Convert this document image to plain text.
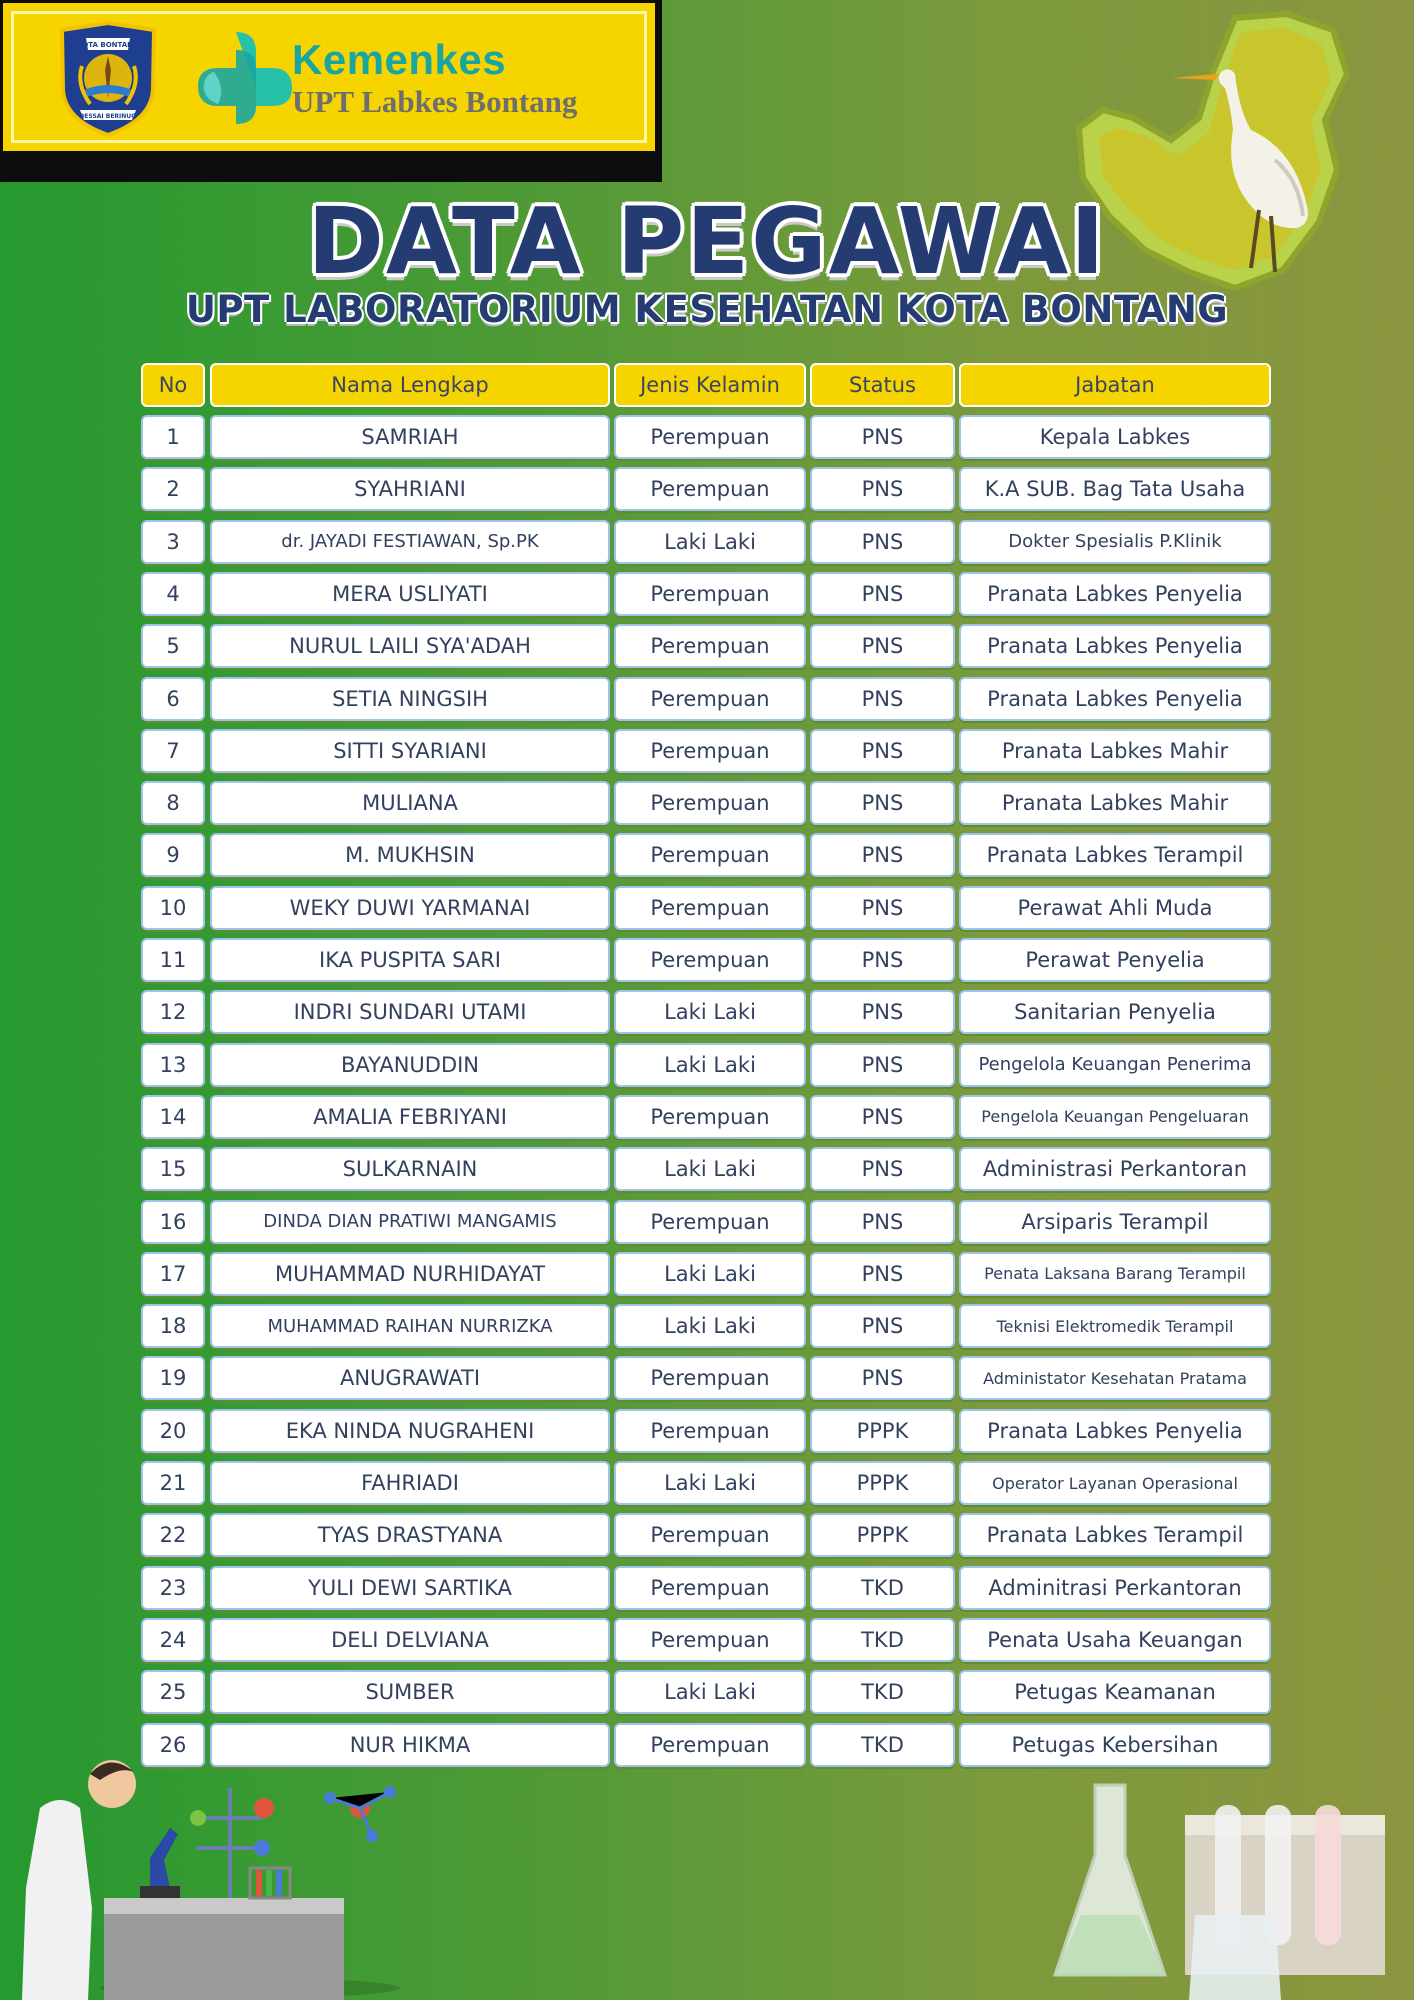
KOTA BONTANG
BESSAI BERINUQ
Kemenkes
UPT Labkes Bontang
DATA PEGAWAI
UPT LABORATORIUM KESEHATAN KOTA BONTANG
No	Nama Lengkap	Jenis Kelamin	Status	Jabatan
1	SAMRIAH	Perempuan	PNS	Kepala Labkes
2	SYAHRIANI	Perempuan	PNS	K.A SUB. Bag Tata Usaha
3	dr. JAYADI FESTIAWAN, Sp.PK	Laki Laki	PNS	Dokter Spesialis P.Klinik
4	MERA USLIYATI	Perempuan	PNS	Pranata Labkes Penyelia
5	NURUL LAILI SYA'ADAH	Perempuan	PNS	Pranata Labkes Penyelia
6	SETIA NINGSIH	Perempuan	PNS	Pranata Labkes Penyelia
7	SITTI SYARIANI	Perempuan	PNS	Pranata Labkes Mahir
8	MULIANA	Perempuan	PNS	Pranata Labkes Mahir
9	M. MUKHSIN	Perempuan	PNS	Pranata Labkes Terampil
10	WEKY DUWI YARMANAI	Perempuan	PNS	Perawat Ahli Muda
11	IKA PUSPITA SARI	Perempuan	PNS	Perawat Penyelia
12	INDRI SUNDARI UTAMI	Laki Laki	PNS	Sanitarian Penyelia
13	BAYANUDDIN	Laki Laki	PNS	Pengelola Keuangan Penerima
14	AMALIA FEBRIYANI	Perempuan	PNS	Pengelola Keuangan Pengeluaran
15	SULKARNAIN	Laki Laki	PNS	Administrasi Perkantoran
16	DINDA DIAN PRATIWI MANGAMIS	Perempuan	PNS	Arsiparis Terampil
17	MUHAMMAD NURHIDAYAT	Laki Laki	PNS	Penata Laksana Barang Terampil
18	MUHAMMAD RAIHAN NURRIZKA	Laki Laki	PNS	Teknisi Elektromedik Terampil
19	ANUGRAWATI	Perempuan	PNS	Administator Kesehatan Pratama
20	EKA NINDA NUGRAHENI	Perempuan	PPPK	Pranata Labkes Penyelia
21	FAHRIADI	Laki Laki	PPPK	Operator Layanan Operasional
22	TYAS DRASTYANA	Perempuan	PPPK	Pranata Labkes Terampil
23	YULI DEWI SARTIKA	Perempuan	TKD	Adminitrasi Perkantoran
24	DELI DELVIANA	Perempuan	TKD	Penata Usaha Keuangan
25	SUMBER	Laki Laki	TKD	Petugas Keamanan
26	NUR HIKMA	Perempuan	TKD	Petugas Kebersihan
